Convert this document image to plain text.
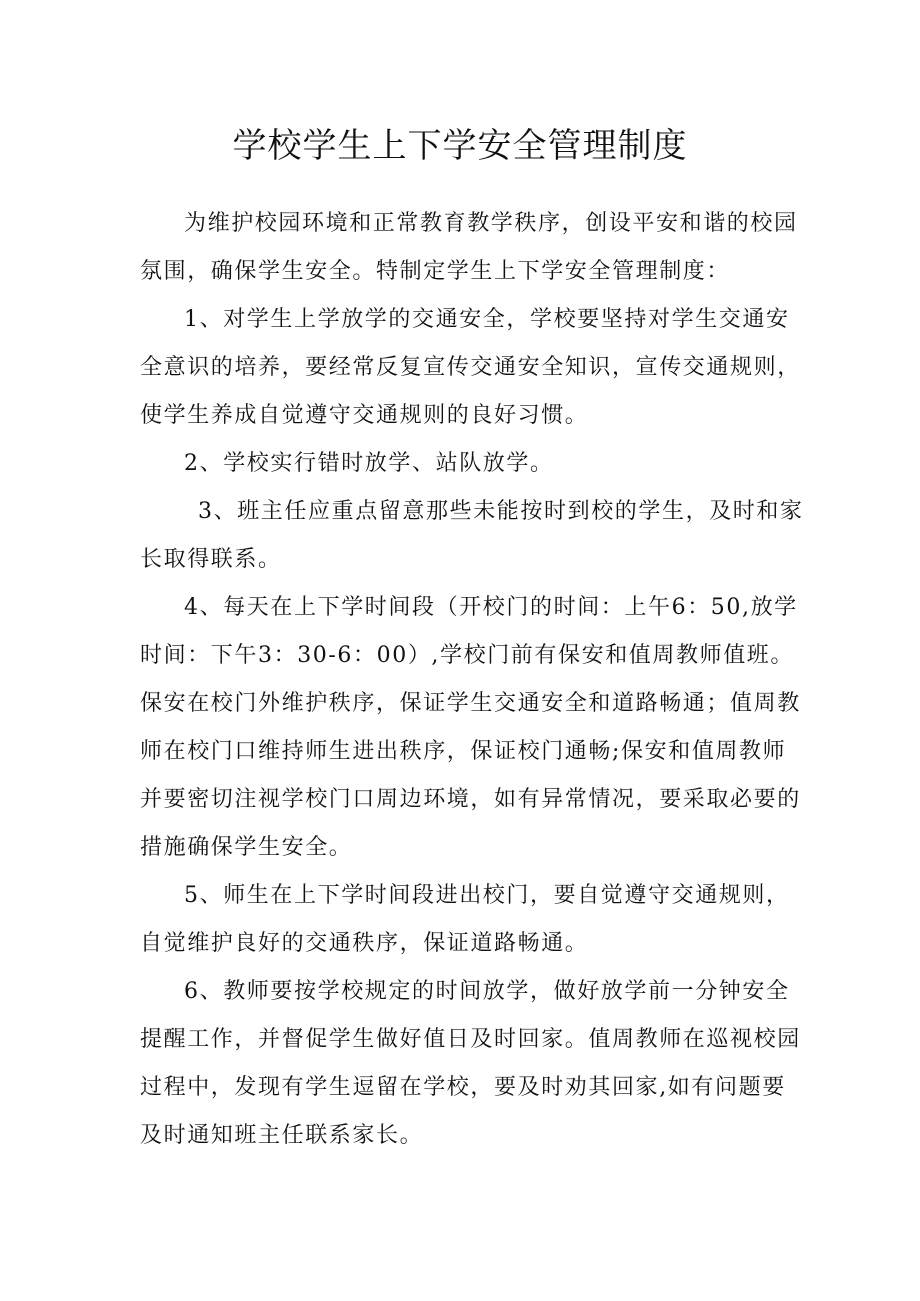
学校学生上下学安全管理制度
为维护校园环境和正常教育教学秩序，创设平安和谐的校园
氛围，确保学生安全。特制定学生上下学安全管理制度：
1、对学生上学放学的交通安全，学校要坚持对学生交通安
全意识的培养，要经常反复宣传交通安全知识，宣传交通规则，
使学生养成自觉遵守交通规则的良好习惯。
2、学校实行错时放学、站队放学。
3、班主任应重点留意那些未能按时到校的学生，及时和家
长取得联系。
4、每天在上下学时间段（开校门的时间：上午6：50,放学
时间：下午3：30-6：00）,学校门前有保安和值周教师值班。
保安在校门外维护秩序，保证学生交通安全和道路畅通；值周教
师在校门口维持师生进出秩序，保证校门通畅;保安和值周教师
并要密切注视学校门口周边环境，如有异常情况，要采取必要的
措施确保学生安全。
5、师生在上下学时间段进出校门，要自觉遵守交通规则，
自觉维护良好的交通秩序，保证道路畅通。
6、教师要按学校规定的时间放学，做好放学前一分钟安全
提醒工作，并督促学生做好值日及时回家。值周教师在巡视校园
过程中，发现有学生逗留在学校，要及时劝其回家,如有问题要
及时通知班主任联系家长。
